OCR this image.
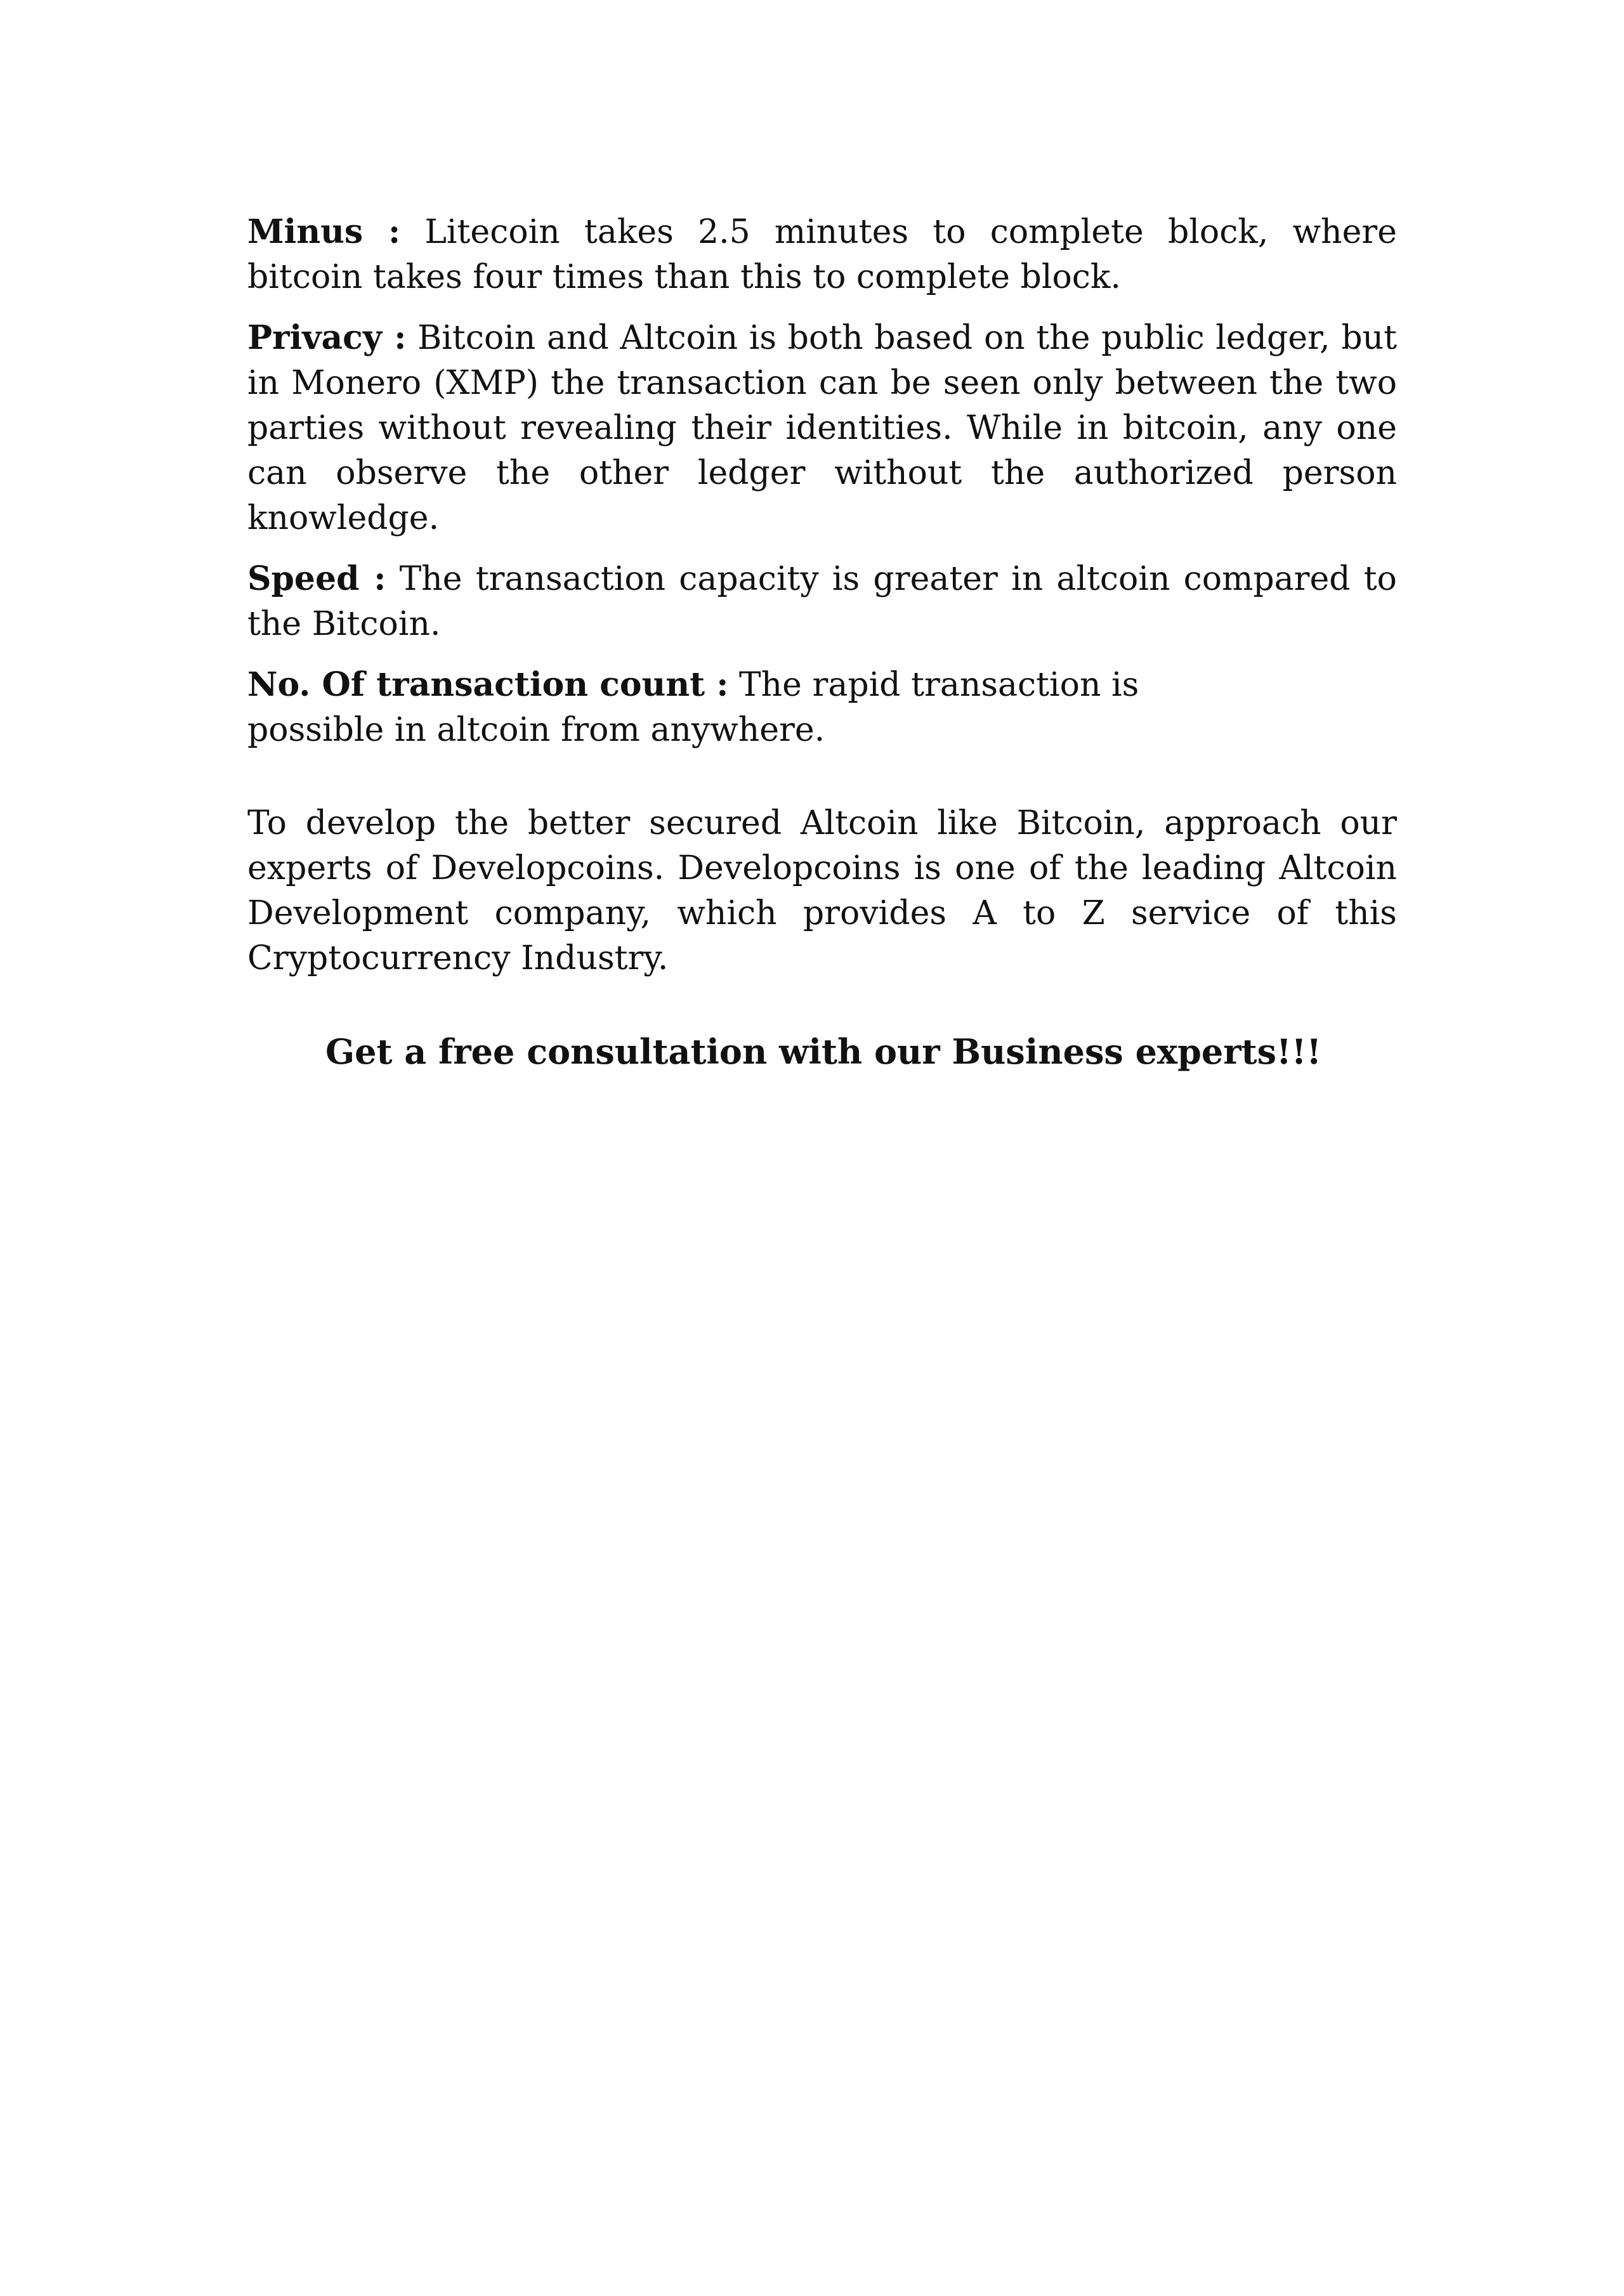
Minus : Litecoin takes 2.5 minutes to complete block, where bitcoin takes four times than this to complete block.

Privacy : Bitcoin and Altcoin is both based on the public ledger, but in Monero (XMP) the transaction can be seen only between the two parties without revealing their identities. While in bitcoin, any one can observe the other ledger without the authorized person knowledge.

Speed : The transaction capacity is greater in altcoin compared to the Bitcoin.

No. Of transaction count : The rapid transaction is possible in altcoin from anywhere.

To develop the better secured Altcoin like Bitcoin, approach our experts of Developcoins. Developcoins is one of the leading Altcoin Development company, which provides A to Z service of this Cryptocurrency Industry.

Get a free consultation with our Business experts!!!
